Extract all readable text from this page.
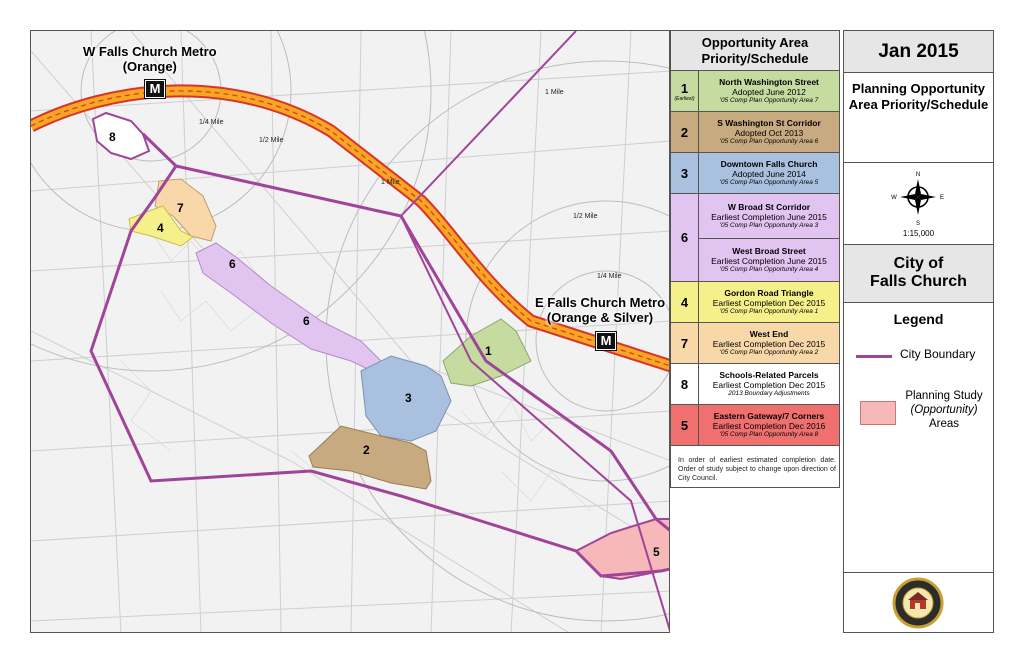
W Falls Church Metro
(Orange)
M
E Falls Church Metro
(Orange & Silver)
M
1/4 Mile
1/2 Mile
1 Mile
1 Mile
1/2 Mile
1/4 Mile
8
7
4
6
6
1
3
2
5
Opportunity Area
Priority/Schedule
1
(Earliest)
North Washington Street
Adopted June 2012
'05 Comp Plan Opportunity Area 7
2
S Washington St Corridor
Adopted Oct 2013
'05 Comp Plan Opportunity Area 6
3
Downtown Falls Church
Adopted June 2014
'05 Comp Plan Opportunity Area 5
6
W Broad St Corridor
Earliest Completion June 2015
'05 Comp Plan Opportunity Area 3
West Broad Street
Earliest Completion June 2015
'05 Comp Plan Opportunity Area 4
4
Gordon Road Triangle
Earliest Completion Dec 2015
'05 Comp Plan Opportunity Area 1
7
West End
Earliest Completion Dec 2015
'05 Comp Plan Opportunity Area 2
8
Schools-Related Parcels
Earliest Completion Dec 2015
2013 Boundary Adjustments
5
Eastern Gateway/7 Corners
Earliest Completion Dec 2016
'05 Comp Plan Opportunity Area 8
In order of earliest estimated completion date. Order of study subject to change upon direction of City Council.
Jan 2015
Planning Opportunity Area Priority/Schedule
N
S
W	E
1:15,000
City of
Falls Church
Legend
City Boundary
Planning Study
(Opportunity)
Areas
